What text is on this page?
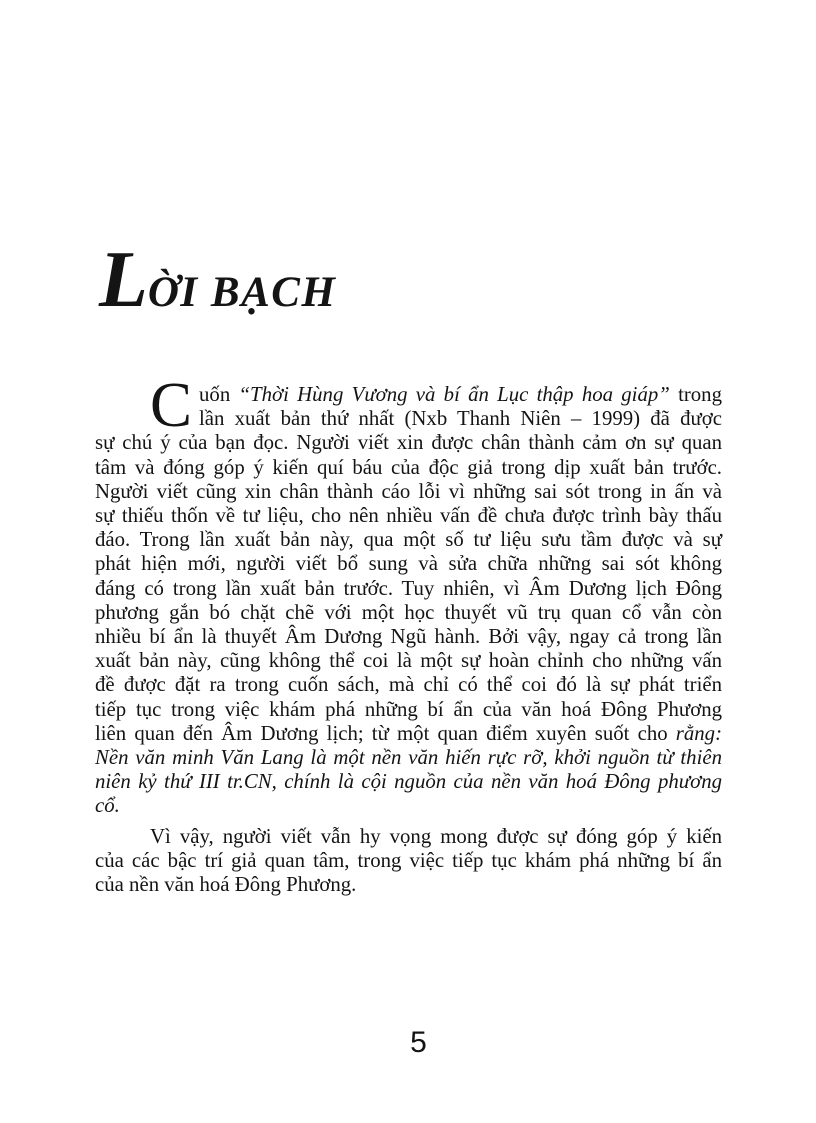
LỜI BẠCH
C uốn “Thời Hùng Vương và bí ẩn Lục thập hoa giáp” trong
lần xuất bản thứ nhất (Nxb Thanh Niên – 1999) đã được
sự chú ý của bạn đọc. Người viết xin được chân thành cảm ơn sự quan
tâm và đóng góp ý kiến quí báu của độc giả trong dịp xuất bản trước.
Người viết cũng xin chân thành cáo lỗi vì những sai sót trong in ấn và
sự thiếu thốn về tư liệu, cho nên nhiều vấn đề chưa được trình bày thấu
đáo. Trong lần xuất bản này, qua một số tư liệu sưu tầm được và sự
phát hiện mới, người viết bổ sung và sửa chữa những sai sót không
đáng có trong lần xuất bản trước. Tuy nhiên, vì Âm Dương lịch Đông
phương gắn bó chặt chẽ với một học thuyết vũ trụ quan cổ vẫn còn
nhiều bí ẩn là thuyết Âm Dương Ngũ hành. Bởi vậy, ngay cả trong lần
xuất bản này, cũng không thể coi là một sự hoàn chỉnh cho những vấn
đề được đặt ra trong cuốn sách, mà chỉ có thể coi đó là sự phát triển
tiếp tục trong việc khám phá những bí ẩn của văn hoá Đông Phương
liên quan đến Âm Dương lịch; từ một quan điểm xuyên suốt cho rằng:
Nền văn minh Văn Lang là một nền văn hiến rực rỡ, khởi nguồn từ thiên
niên kỷ thứ III tr.CN, chính là cội nguồn của nền văn hoá Đông phương
cổ.
Vì vậy, người viết vẫn hy vọng mong được sự đóng góp ý kiến
của các bậc trí giả quan tâm, trong việc tiếp tục khám phá những bí ẩn
của nền văn hoá Đông Phương.
5
